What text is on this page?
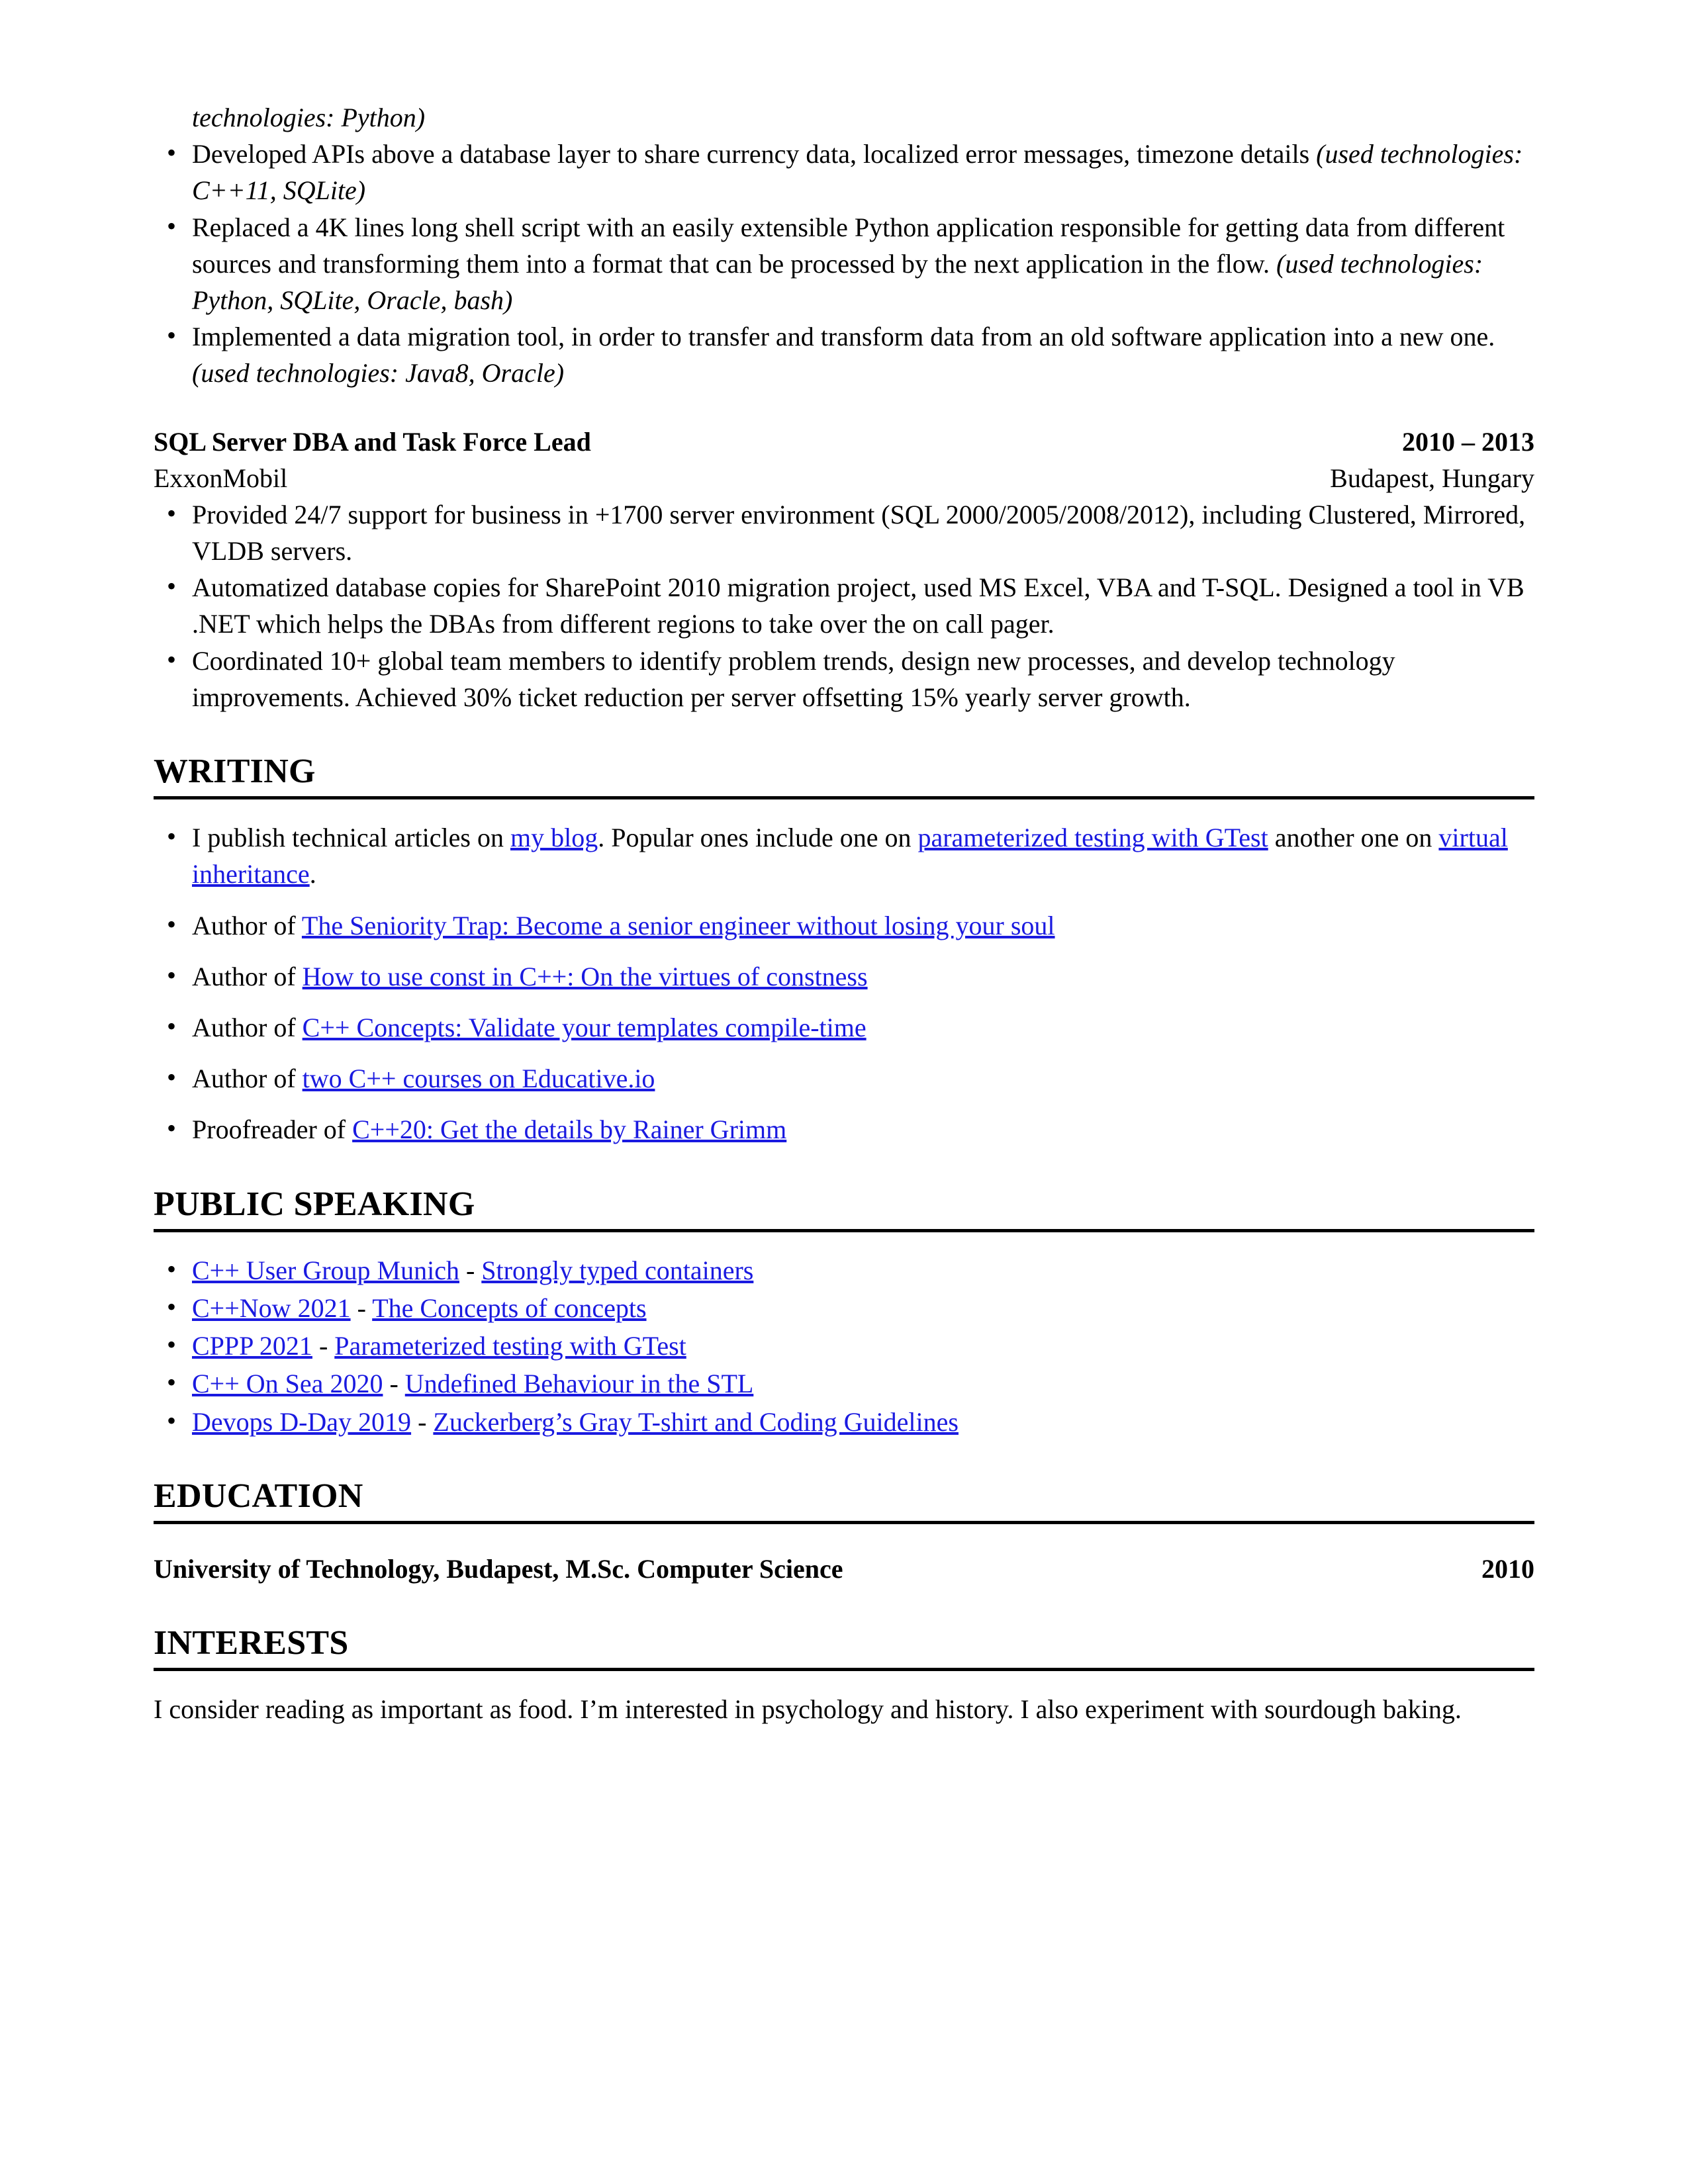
technologies: Python)
• Developed APIs above a database layer to share currency data, localized error messages, timezone details (used technologies: C++11, SQLite)
• Replaced a 4K lines long shell script with an easily extensible Python application responsible for getting data from different sources and transforming them into a format that can be processed by the next application in the flow. (used technologies: Python, SQLite, Oracle, bash)
• Implemented a data migration tool, in order to transfer and transform data from an old software application into a new one. (used technologies: Java8, Oracle)
SQL Server DBA and Task Force Lead	2010 – 2013
ExxonMobil	Budapest, Hungary
• Provided 24/7 support for business in +1700 server environment (SQL 2000/2005/2008/2012), including Clustered, Mirrored, VLDB servers.
• Automatized database copies for SharePoint 2010 migration project, used MS Excel, VBA and T-SQL. Designed a tool in VB .NET which helps the DBAs from different regions to take over the on call pager.
• Coordinated 10+ global team members to identify problem trends, design new processes, and develop technology improvements. Achieved 30% ticket reduction per server offsetting 15% yearly server growth.
WRITING
• I publish technical articles on my blog. Popular ones include one on parameterized testing with GTest another one on virtual inheritance.
• Author of The Seniority Trap: Become a senior engineer without losing your soul
• Author of How to use const in C++: On the virtues of constness
• Author of C++ Concepts: Validate your templates compile-time
• Author of two C++ courses on Educative.io
• Proofreader of C++20: Get the details by Rainer Grimm
PUBLIC SPEAKING
• C++ User Group Munich - Strongly typed containers
• C++Now 2021 - The Concepts of concepts
• CPPP 2021 - Parameterized testing with GTest
• C++ On Sea 2020 - Undefined Behaviour in the STL
• Devops D-Day 2019 - Zuckerberg’s Gray T-shirt and Coding Guidelines
EDUCATION
University of Technology, Budapest, M.Sc. Computer Science	2010
INTERESTS
I consider reading as important as food. I’m interested in psychology and history. I also experiment with sourdough baking.
